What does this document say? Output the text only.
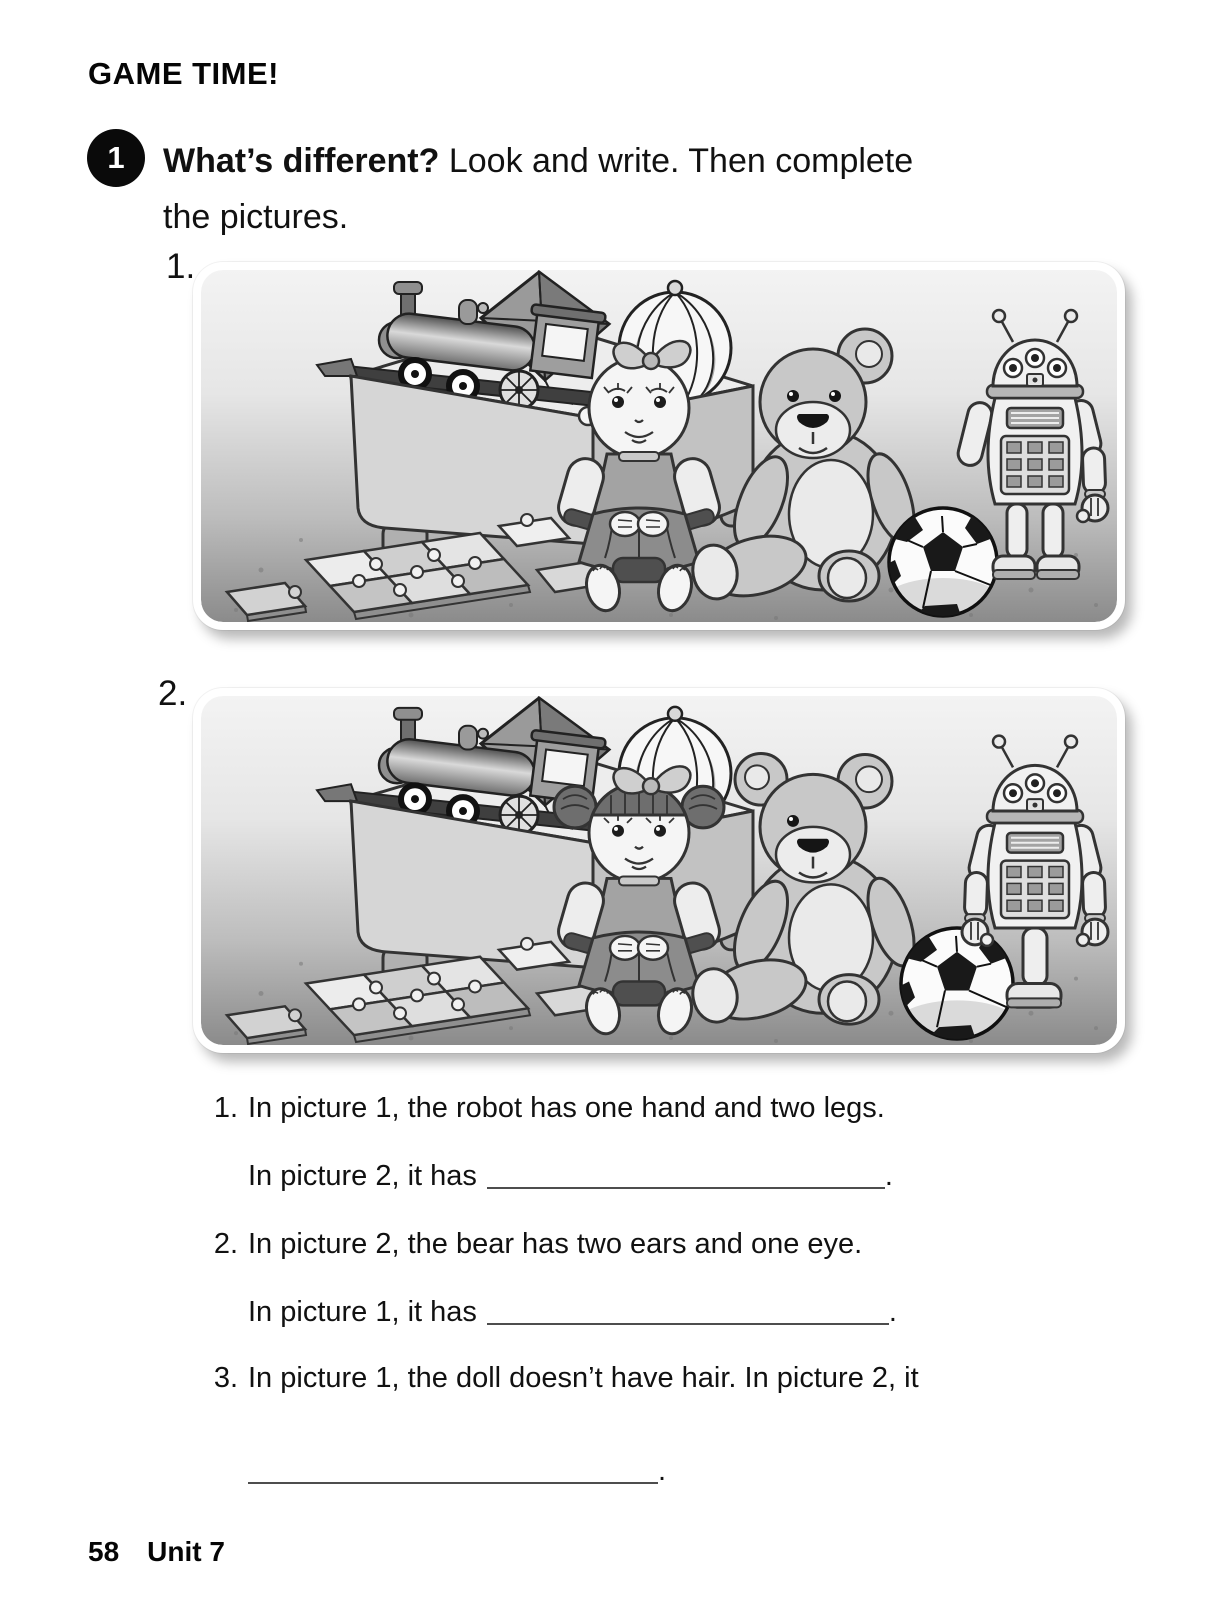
GAME TIME!
1 What’s different? Look and write. Then complete
the pictures.
1.
2.
1. In picture 1, the robot has one hand and two legs.
In picture 2, it has	.
2. In picture 2, the bear has two ears and one eye.
In picture 1, it has	.
3. In picture 1, the doll doesn’t have hair. In picture 2, it
.
58 Unit 7
